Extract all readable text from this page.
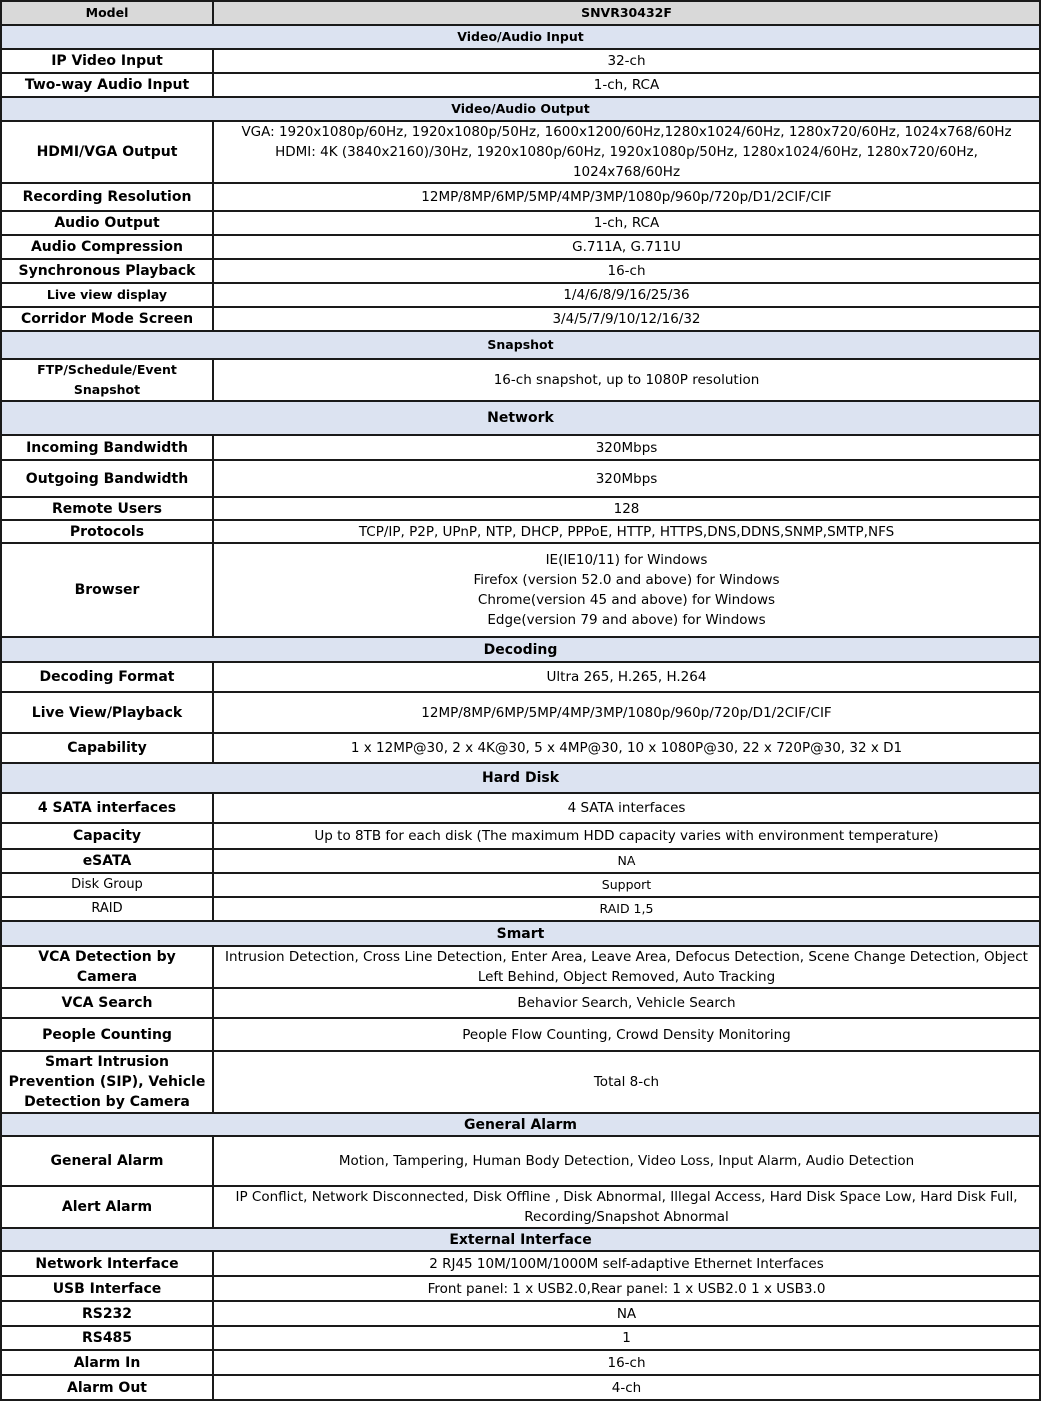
Model	SNVR30432F
Video/Audio Input	
IP Video Input	32-ch
Two-way Audio Input	1-ch, RCA
Video/Audio Output	
HDMI/VGA Output	VGA: 1920x1080p/60Hz, 1920x1080p/50Hz, 1600x1200/60Hz,1280x1024/60Hz, 1280x720/60Hz, 1024x768/60Hz HDMI: 4K (3840x2160)/30Hz, 1920x1080p/60Hz, 1920x1080p/50Hz, 1280x1024/60Hz, 1280x720/60Hz, 1024x768/60Hz
Recording Resolution	12MP/8MP/6MP/5MP/4MP/3MP/1080p/960p/720p/D1/2CIF/CIF
Audio Output	1-ch, RCA
Audio Compression	G.711A, G.711U
Synchronous Playback	16-ch
Live view display	1/4/6/8/9/16/25/36
Corridor Mode Screen	3/4/5/7/9/10/12/16/32
Snapshot	
FTP/Schedule/Event Snapshot	16-ch snapshot, up to 1080P resolution
Network	
Incoming Bandwidth	320Mbps
Outgoing Bandwidth	320Mbps
Remote Users	128
Protocols	TCP/IP, P2P, UPnP, NTP, DHCP, PPPoE, HTTP, HTTPS,DNS,DDNS,SNMP,SMTP,NFS
Browser	IE(IE10/11) for Windows
Firefox (version 52.0 and above) for Windows
Chrome(version 45 and above) for Windows
Edge(version 79 and above) for Windows
Decoding	
Decoding Format	Ultra 265, H.265, H.264
Live View/Playback	12MP/8MP/6MP/5MP/4MP/3MP/1080p/960p/720p/D1/2CIF/CIF
Capability	1 x 12MP@30, 2 x 4K@30, 5 x 4MP@30, 10 x 1080P@30, 22 x 720P@30, 32 x D1
Hard Disk	
4 SATA interfaces	4 SATA interfaces
Capacity	Up to 8TB for each disk (The maximum HDD capacity varies with environment temperature)
eSATA	NA
Disk Group	Support
RAID	RAID 1,5
Smart	
VCA Detection by Camera	Intrusion Detection, Cross Line Detection, Enter Area, Leave Area, Defocus Detection, Scene Change Detection, Object Left Behind, Object Removed, Auto Tracking
VCA Search	Behavior Search, Vehicle Search
People Counting	People Flow Counting, Crowd Density Monitoring
Smart Intrusion Prevention (SIP), Vehicle Detection by Camera	Total 8-ch
General Alarm	
General Alarm	Motion, Tampering, Human Body Detection, Video Loss, Input Alarm, Audio Detection
Alert Alarm	IP Conflict, Network Disconnected, Disk Offline , Disk Abnormal, Illegal Access, Hard Disk Space Low, Hard Disk Full, Recording/Snapshot Abnormal
External Interface	
Network Interface	2 RJ45 10M/100M/1000M self-adaptive Ethernet Interfaces
USB Interface	Front panel: 1 x USB2.0,Rear panel: 1 x USB2.0 1 x USB3.0
RS232	NA
RS485	1
Alarm In	16-ch
Alarm Out	4-ch
